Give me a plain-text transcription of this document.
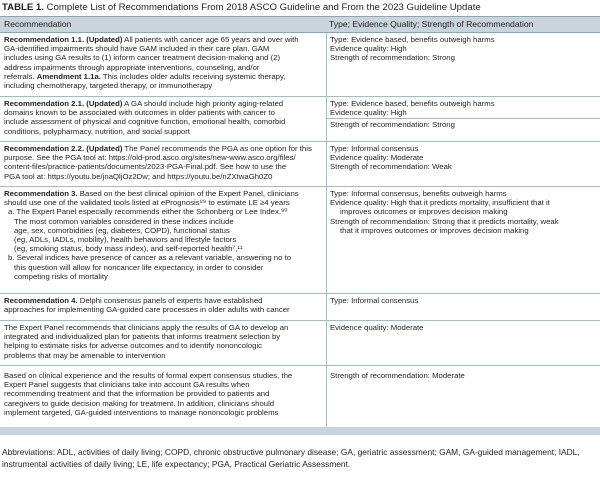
TABLE 1. Complete List of Recommendations From 2018 ASCO Guideline and From the 2023 Guideline Update
Recommendation	Type; Evidence Quality; Strength of Recommendation
Recommendation 1.1. (Updated) All patients with cancer age 65 years and over with
GA-identified impairments should have GAM included in their care plan. GAM
includes using GA results to (1) inform cancer treatment decision-making and (2)
address impairments through appropriate interventions, counseling, and/or
referrals. Amendment 1.1a. This includes older adults receiving systemic therapy,
including chemotherapy, targeted therapy, or immunotherapy
Type: Evidence based, benefits outweigh harms
Evidence quality: High
Strength of recommendation: Strong
Recommendation 2.1. (Updated) A GA should include high priority aging-related
domains known to be associated with outcomes in older patients with cancer to
include assessment of physical and cognitive function, emotional health, comorbid
conditions, polypharmacy, nutrition, and social support
Type: Evidence based, benefits outweigh harms
Evidence quality: High
Strength of recommendation: Strong
Recommendation 2.2. (Updated) The Panel recommends the PGA as one option for this
purpose. See the PGA tool at: https://old-prod.asco.org/sites/new-www.asco.org/files/
content-files/practice-patients/documents/2023-PGA-Final.pdf. See how to use the
PGA tool at: https://youtu.be/jnaQljOz2Dw; and https://youtu.be/nZXtwaGh0Z0
Type: Informal consensus
Evidence quality: Moderate
Strength of recommendation: Weak
Recommendation 3. Based on the best clinical opinion of the Expert Panel, clinicians
should use one of the validated tools listed at ePrognosis⁸⁹ to estimate LE ≥4 years
a. The Expert Panel especially recommends either the Schonberg or Lee Index.⁹⁰
The most common variables considered in these indices include
age, sex, comorbidities (eg, diabetes, COPD), functional status
(eg, ADLs, IADLs, mobility), health behaviors and lifestyle factors
(eg, smoking status, body mass index), and self-reported health⁷,¹¹
b. Several indices have presence of cancer as a relevant variable, answering no to
this question will allow for noncancer life expectancy, in order to consider
competing risks of mortality
Type: Informal consensus, benefits outweigh harms
Evidence quality: High that it predicts mortality, insufficient that it
improves outcomes or improves decision making
Strength of recommendation: Strong that it predicts mortality, weak
that it improves outcomes or improves decision making
Recommendation 4. Delphi consensus panels of experts have established
approaches for implementing GA-guided care processes in older adults with cancer
Type: Informal consensus
The Expert Panel recommends that clinicians apply the results of GA to develop an
integrated and individualized plan for patients that informs treatment selection by
helping to estimate risks for adverse outcomes and to identify nononcologic
problems that may be amenable to intervention
Evidence quality: Moderate
Based on clinical experience and the results of formal expert consensus studies, the
Expert Panel suggests that clinicians take into account GA results when
recommending treatment and that the information be provided to patients and
caregivers to guide decision making for treatment. In addition, clinicians should
implement targeted, GA-guided interventions to manage nononcologic problems
Strength of recommendation: Moderate
Abbreviations: ADL, activities of daily living; COPD, chronic obstructive pulmonary disease; GA, geriatric assessment; GAM, GA-guided management; IADL, instrumental activities of daily living; LE, life expectancy; PGA, Practical Geriatric Assessment.
